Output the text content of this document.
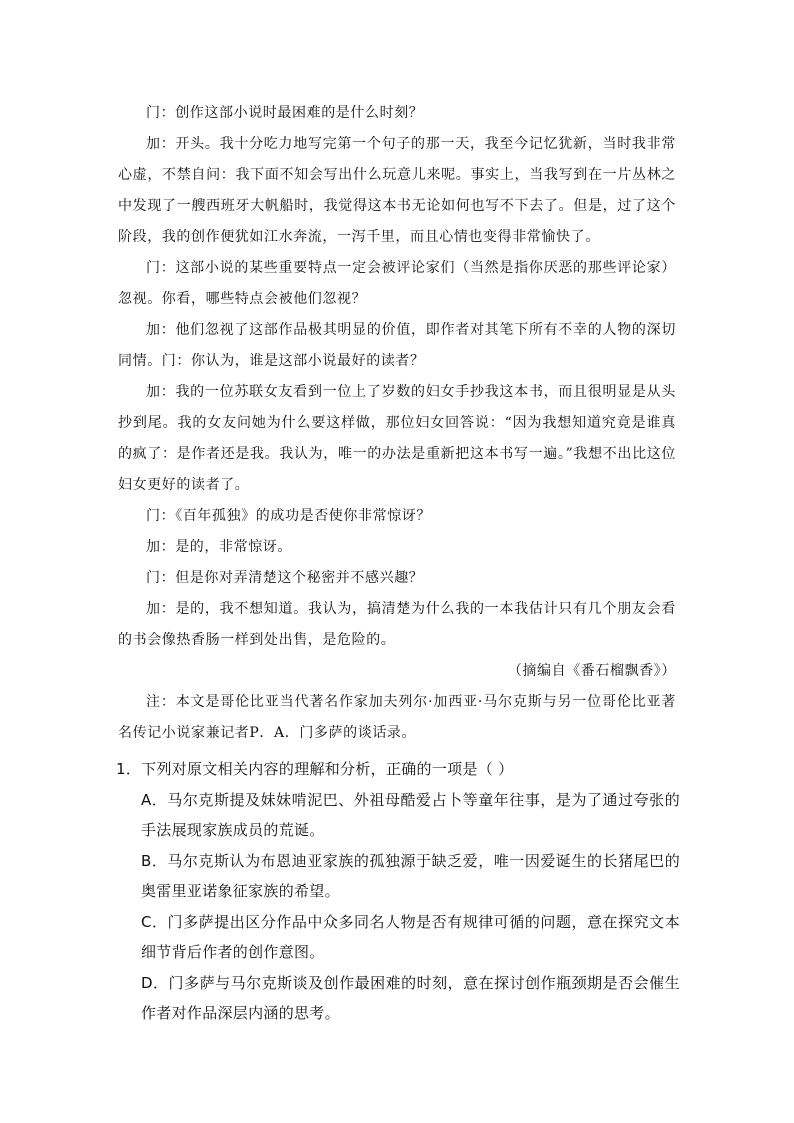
门：创作这部小说时最困难的是什么时刻？

加：开头。我十分吃力地写完第一个句子的那一天，我至今记忆犹新，当时我非常心虚，不禁自问：我下面不知会写出什么玩意儿来呢。事实上，当我写到在一片丛林之中发现了一艘西班牙大帆船时，我觉得这本书无论如何也写不下去了。但是，过了这个阶段，我的创作便犹如江水奔流，一泻千里，而且心情也变得非常愉快了。

门：这部小说的某些重要特点一定会被评论家们（当然是指你厌恶的那些评论家）忽视。你看，哪些特点会被他们忽视？

加：他们忽视了这部作品极其明显的价值，即作者对其笔下所有不幸的人物的深切同情。门：你认为，谁是这部小说最好的读者？

加：我的一位苏联女友看到一位上了岁数的妇女手抄我这本书，而且很明显是从头抄到尾。我的女友问她为什么要这样做，那位妇女回答说：“因为我想知道究竟是谁真的疯了：是作者还是我。我认为，唯一的办法是重新把这本书写一遍。”我想不出比这位妇女更好的读者了。

门：《百年孤独》的成功是否使你非常惊讶？

加：是的，非常惊讶。

门：但是你对弄清楚这个秘密并不感兴趣？

加：是的，我不想知道。我认为，搞清楚为什么我的一本我估计只有几个朋友会看的书会像热香肠一样到处出售，是危险的。

（摘编自《番石榴飘香》）

注：本文是哥伦比亚当代著名作家加夫列尔·加西亚·马尔克斯与另一位哥伦比亚著名传记小说家兼记者P．A．门多萨的谈话录。

1．下列对原文相关内容的理解和分析，正确的一项是（ ）

A．马尔克斯提及妹妹啃泥巴、外祖母酷爱占卜等童年往事，是为了通过夸张的手法展现家族成员的荒诞。

B．马尔克斯认为布恩迪亚家族的孤独源于缺乏爱，唯一因爱诞生的长猪尾巴的奥雷里亚诺象征家族的希望。

C．门多萨提出区分作品中众多同名人物是否有规律可循的问题，意在探究文本细节背后作者的创作意图。

D．门多萨与马尔克斯谈及创作最困难的时刻，意在探讨创作瓶颈期是否会催生作者对作品深层内涵的思考。
